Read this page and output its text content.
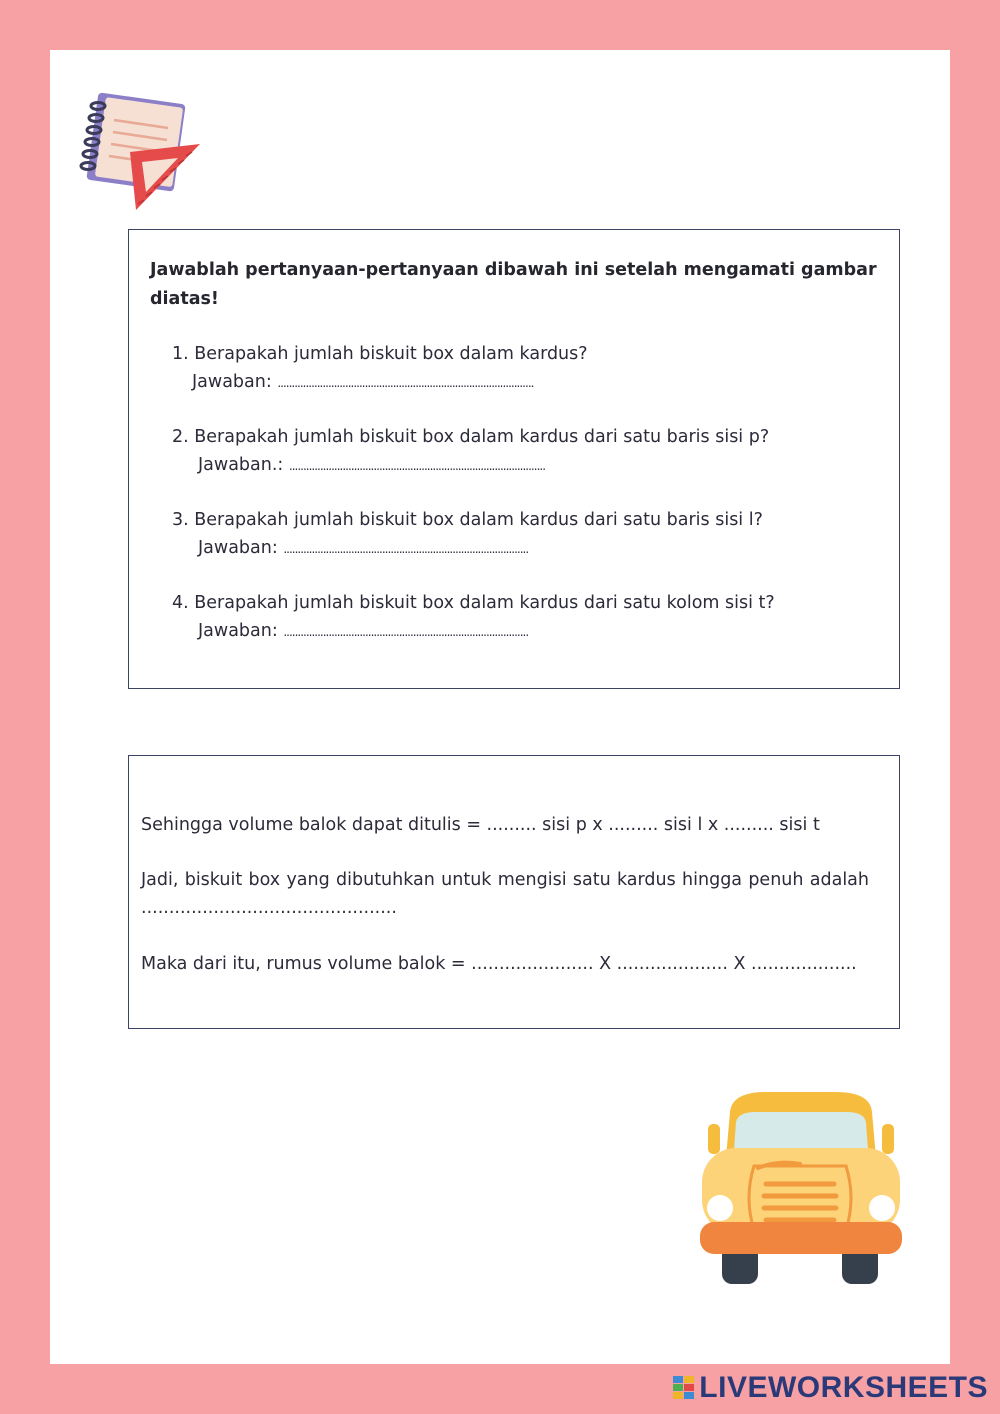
Jawablah pertanyaan-pertanyaan dibawah ini setelah mengamati gambar diatas!
1. Berapakah jumlah biskuit box dalam kardus?
Jawaban: ...........................................................................................
2. Berapakah jumlah biskuit box dalam kardus dari satu baris sisi p?
Jawaban.: ...........................................................................................
3. Berapakah jumlah biskuit box dalam kardus dari satu baris sisi l?
Jawaban: .......................................................................................
4. Berapakah jumlah biskuit box dalam kardus dari satu kolom sisi t?
Jawaban: .......................................................................................
Sehingga volume balok dapat ditulis = ......... sisi p x ......... sisi l x ......... sisi t
Jadi, biskuit box yang dibutuhkan untuk mengisi satu kardus hingga penuh adalah ..............................................
Maka dari itu, rumus volume balok = ...................... X .................... X ...................
LIVEWORKSHEETS
